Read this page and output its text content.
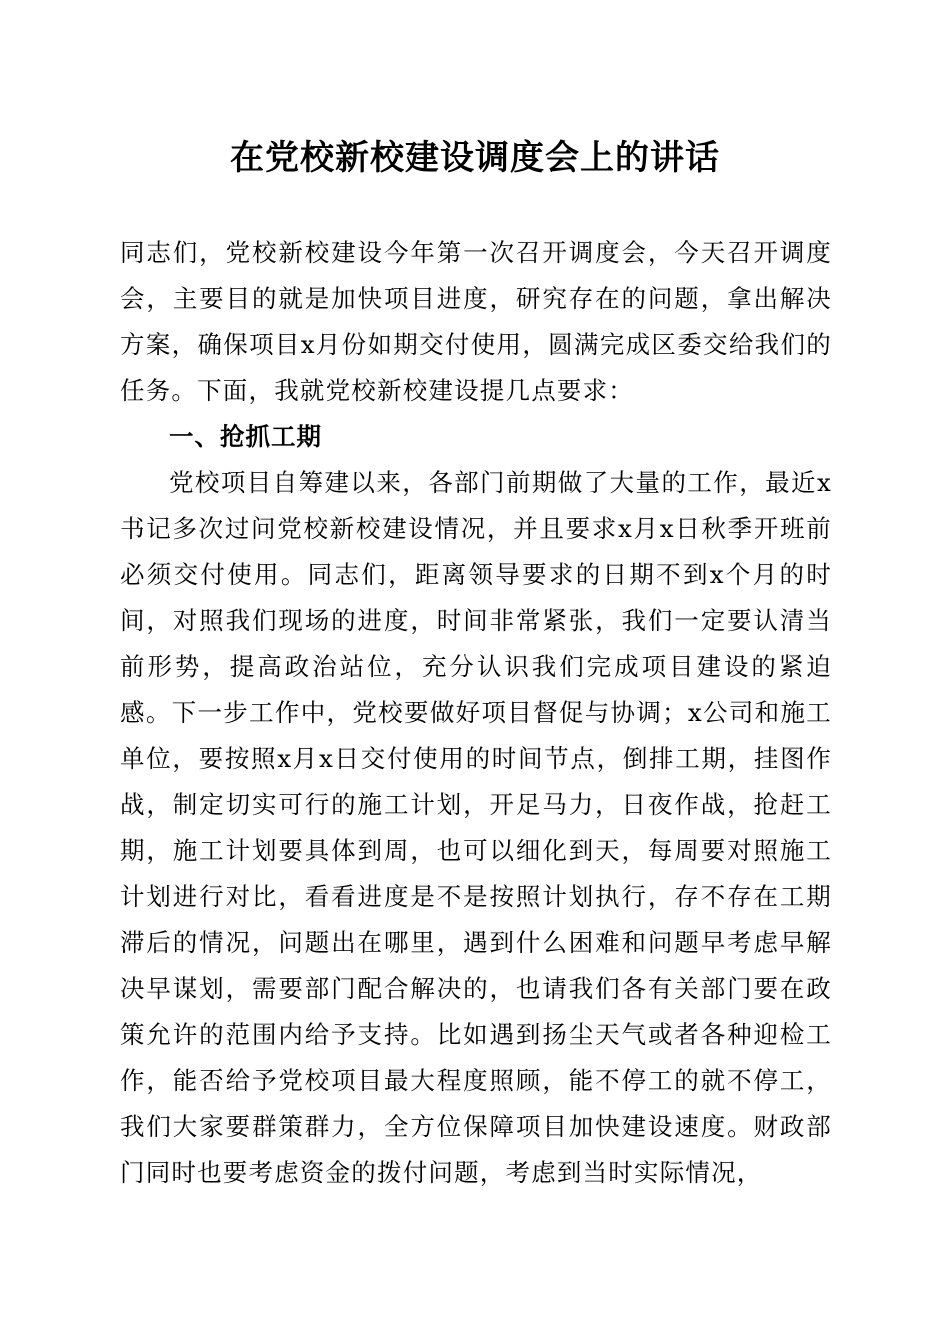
在党校新校建设调度会上的讲话

同志们，党校新校建设今年第一次召开调度会，今天召开调度会，主要目的就是加快项目进度，研究存在的问题，拿出解决方案，确保项目x月份如期交付使用，圆满完成区委交给我们的任务。下面，我就党校新校建设提几点要求：

一、抢抓工期

党校项目自筹建以来，各部门前期做了大量的工作，最近x书记多次过问党校新校建设情况，并且要求x月x日秋季开班前必须交付使用。同志们，距离领导要求的日期不到x个月的时间，对照我们现场的进度，时间非常紧张，我们一定要认清当前形势，提高政治站位，充分认识我们完成项目建设的紧迫感。下一步工作中，党校要做好项目督促与协调；x公司和施工单位，要按照x月x日交付使用的时间节点，倒排工期，挂图作战，制定切实可行的施工计划，开足马力，日夜作战，抢赶工期，施工计划要具体到周，也可以细化到天，每周要对照施工计划进行对比，看看进度是不是按照计划执行，存不存在工期滞后的情况，问题出在哪里，遇到什么困难和问题早考虑早解决早谋划，需要部门配合解决的，也请我们各有关部门要在政策允许的范围内给予支持。比如遇到扬尘天气或者各种迎检工作，能否给予党校项目最大程度照顾，能不停工的就不停工，我们大家要群策群力，全方位保障项目加快建设速度。财政部门同时也要考虑资金的拨付问题，考虑到当时实际情况，
